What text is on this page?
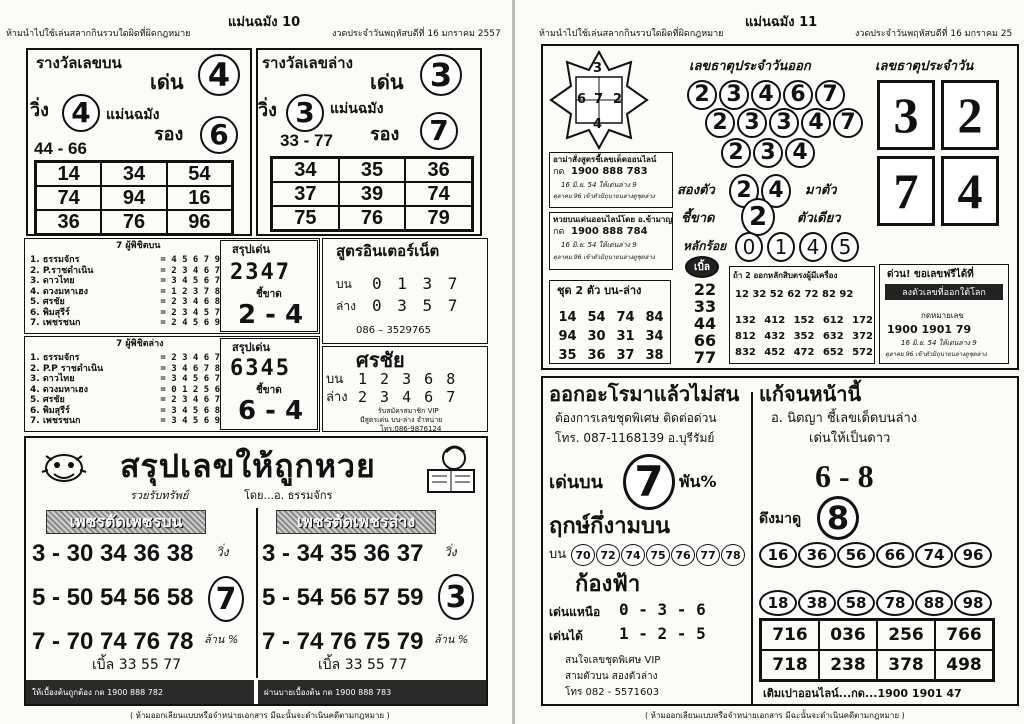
ห้ามนำไปใช้เล่นสลากกินรวบใดผิดที่ผิดกฎหมาย
แม่นฉมัง 10
งวดประจำวันพฤหัสบดีที่ 16 มกราคม 2557
รางวัลเลขบน
เด่น 4
วิ่ง 4	แม่นฉมัง
44 - 66
รอง 6
14	34	54
74	94	16
36	76	96
รางวัลเลขล่าง
เด่น 3
วิ่ง 3	แม่นฉมัง
33 - 77 รอง	7
34	35	36
37	39	74
75	76	79
7 ผู้พิชิตบน
1. ธรรมจักร	= 4 5 6 7 9
2. P.ราชดำเนิน	= 2 3 4 6 7
3. ดาวไทย	= 3 4 5 6 7
4. ดวงมหาเฮง	= 1 2 3 7 8
5. ศรชัย	= 2 3 4 6 8
6. พิมสุรีร์	= 2 3 4 5 7
7. เพชรชนก	= 2 4 5 6 9
สรุปเด่น
2347
ชี้ขาด
2 - 4
7 ผู้พิชิตล่าง
1. ธรรมจักร	= 2 3 4 6 7
2. P.P ราชดำเนิน	= 3 4 6 7 8
3. ดาวไทย	= 3 4 5 6 7
4. ดวงมหาเฮง	= 0 1 2 5 6
5. ศรชัย	= 2 3 4 6 7
6. พิมสุรีร์	= 3 4 5 6 8
7. เพชรชนก	= 3 4 5 6 9
สรุปเด่น
6345
ชี้ขาด
6 - 4
สูตรอินเตอร์เน็ต
บน 0 1 3 7
ล่าง 0 3 5 7
086 – 3529765
ศรชัย
บน 1 2 3 6 8
ล่าง 2 3 4 6 7
รับสมัครสมาชิก VIP
มีสูตรเด่น บน-ล่าง จำหน่าย
โทร.086-9876124
สรุปเลขให้ถูกหวย
รวยรับทรัพย์	โดย...อ. ธรรมจักร
เพชรตัดเพชรบน	เพชรตัดเพชรล่าง
3 - 30 34 36 38 วิ่ง
5 - 50 54 56 58 7
7 - 70 74 76 78 ล้าน %
เบิ้ล 33 55 77
3 - 34 35 36 37 วิ่ง
5 - 54 56 57 59 3
7 - 74 76 75 79 ล้าน %
เบิ้ล 33 55 77
ให้เบื้องต้นถูกต้อง กด 1900 888 782	ผ่านบายเบื้องต้น กด 1900 888 783
( ห้ามออกเลียนแบบหรือจำหน่ายเอกสาร มีฉะนั้นจะดำเนินคดีตามกฎหมาย )
ห้ามนำไปใช้เล่นสลากกินรวบใดผิดที่ผิดกฎหมาย
แม่นฉมัง 11
งวดประจำวันพฤหัสบดีที่ 16 มกราคม 25
3
6 7 2
4
เลขธาตุประจำวันออก	เลขธาตุประจำวัน
2 3 4 6 7
2 3 3 4 7
2 3 4
อาม่าสั่งสูตรชี้เลขเด็ดออนไลน์
กด 1900 888 783
16 มิ.ย. 54 ให้เด่นล่าง 9
ตุลาคม 96 เข้าตัวมิถุนายนล่างดูชุดล่าง
หวยบนเด่นออนไลน์โดย อ.ข้ามาญ
กด 1900 888 784
16 มิ.ย. 54 ให้เด่นล่าง 9
ตุลาคม 96 เข้าตัวมิถุนายนล่างดูชุดล่าง
สองตัว 2 4	มาตัว
ชี้ขาด	2	ตัวเดียว
หลักร้อย 0 1 4 5
3 2
7 4
ชุด 2 ตัว บน-ล่าง
14 54 74 84
94 30 31 34
35 36 37 38
เบิ้ล
22
33
44
66
77
ถ้า 2 ออกหลักสิบตรงผู้มีเครื่อง
12 32 52 62 72 82 92
132 412 152 612 172
812 432 352 632 372
832 452 472 652 572
ด่วน! ขอเลขฟรีได้ที่
ลงตัวเลขที่ออกใต้โลก
กดหมายเลข
1900 1901 79
16 มิ.ย. 54 ให้เด่นล่าง 9
ตุลาคม 96 เข้าตัวมิถุนายนล่างดูชุดล่าง
ออกอะโรมาแล้วไม่สน
ต้องการเลขชุดพิเศษ ติดต่อด่วน
โทร. 087-1168139 อ.บุรีรัมย์
เด่นบน 7 พัน%
ฤกษ์กึ่งามบน
บน 70 72 74 75 76 77 78
ก้องฟ้า
เด่นแหนือ 0 - 3 - 6
เด่นได้ 1 - 2 - 5
สนใจเลขชุดพิเศษ VIP
สามตัวบน สองตัวล่าง
โทร 082 - 5571603
แก้จนหน้านี้
อ. นิตญา ชี้เลขเด็ดบนล่าง
เด่นให้เป็นดาว
6 - 8
ดึงมาดู 8
16	36	56	66	74	96
18	38	58	78	88	98
716	036	256	766
718	238	378	498
เติมเปาออนไลน์...กด...1900 1901 47
( ห้ามออกเลียนแบบหรือจำหน่ายเอกสาร มีฉะนั้นจะดำเนินคดีตามกฎหมาย )
